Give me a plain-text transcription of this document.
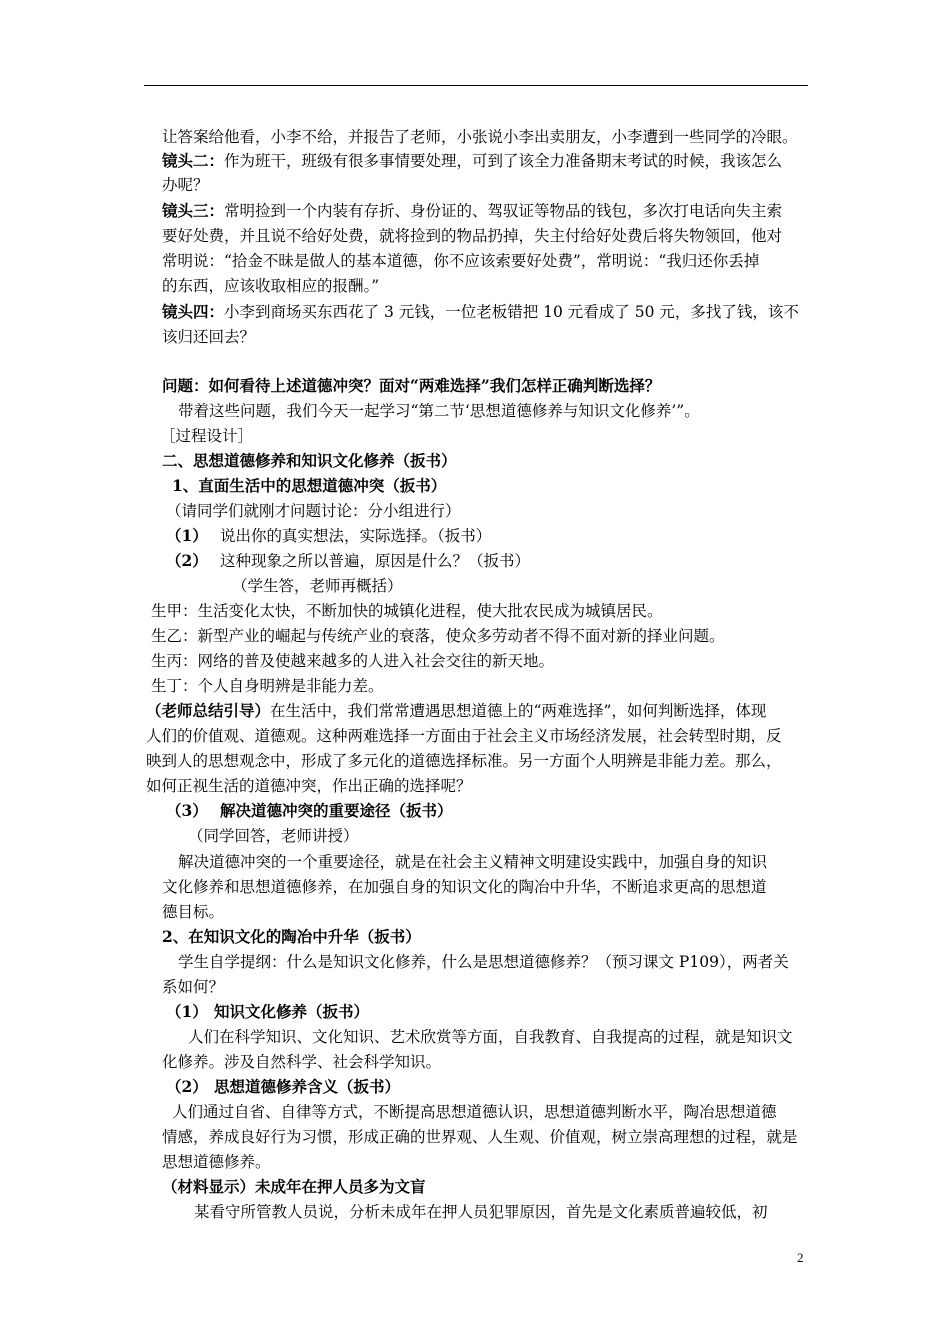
让答案给他看，小李不给，并报告了老师，小张说小李出卖朋友，小李遭到一些同学的冷眼。
镜头二：作为班干，班级有很多事情要处理，可到了该全力准备期末考试的时候，我该怎么
办呢？
镜头三：常明捡到一个内装有存折、身份证的、驾驭证等物品的钱包，多次打电话向失主索
要好处费，并且说不给好处费，就将捡到的物品扔掉，失主付给好处费后将失物领回，他对
常明说：“拾金不昧是做人的基本道德，你不应该索要好处费”，常明说：“我归还你丢掉
的东西，应该收取相应的报酬。”
镜头四：小李到商场买东西花了 3 元钱，一位老板错把 10 元看成了 50 元，多找了钱，该不
该归还回去？
问题：如何看待上述道德冲突？面对“两难选择”我们怎样正确判断选择？
带着这些问题，我们今天一起学习“第二节‘思想道德修养与知识文化修养’”。
［过程设计］
二、思想道德修养和知识文化修养（扳书）
1、直面生活中的思想道德冲突（扳书）
（请同学们就刚才问题讨论：分小组进行）
（1） 说出你的真实想法，实际选择。（扳书）
（2） 这种现象之所以普遍，原因是什么？（扳书）
（学生答，老师再概括）
生甲：生活变化太快，不断加快的城镇化进程，使大批农民成为城镇居民。
生乙：新型产业的崛起与传统产业的衰落，使众多劳动者不得不面对新的择业问题。
生丙：网络的普及使越来越多的人进入社会交往的新天地。
生丁：个人自身明辨是非能力差。
（老师总结引导）在生活中，我们常常遭遇思想道德上的“两难选择”，如何判断选择，体现
人们的价值观、道德观。这种两难选择一方面由于社会主义市场经济发展，社会转型时期，反
映到人的思想观念中，形成了多元化的道德选择标准。另一方面个人明辨是非能力差。那么，
如何正视生活的道德冲突，作出正确的选择呢？
（3） 解决道德冲突的重要途径（扳书）
（同学回答，老师讲授）
解决道德冲突的一个重要途径，就是在社会主义精神文明建设实践中，加强自身的知识
文化修养和思想道德修养，在加强自身的知识文化的陶冶中升华，不断追求更高的思想道
德目标。
2、在知识文化的陶冶中升华（扳书）
学生自学提纲：什么是知识文化修养，什么是思想道德修养？（预习课文 P109），两者关
系如何？
（1） 知识文化修养（扳书）
人们在科学知识、文化知识、艺术欣赏等方面，自我教育、自我提高的过程，就是知识文
化修养。涉及自然科学、社会科学知识。
（2） 思想道德修养含义（扳书）
人们通过自省、自律等方式，不断提高思想道德认识，思想道德判断水平，陶冶思想道德
情感，养成良好行为习惯，形成正确的世界观、人生观、价值观，树立崇高理想的过程，就是
思想道德修养。
（材料显示）未成年在押人员多为文盲
某看守所管教人员说，分析未成年在押人员犯罪原因，首先是文化素质普遍较低，初
2
